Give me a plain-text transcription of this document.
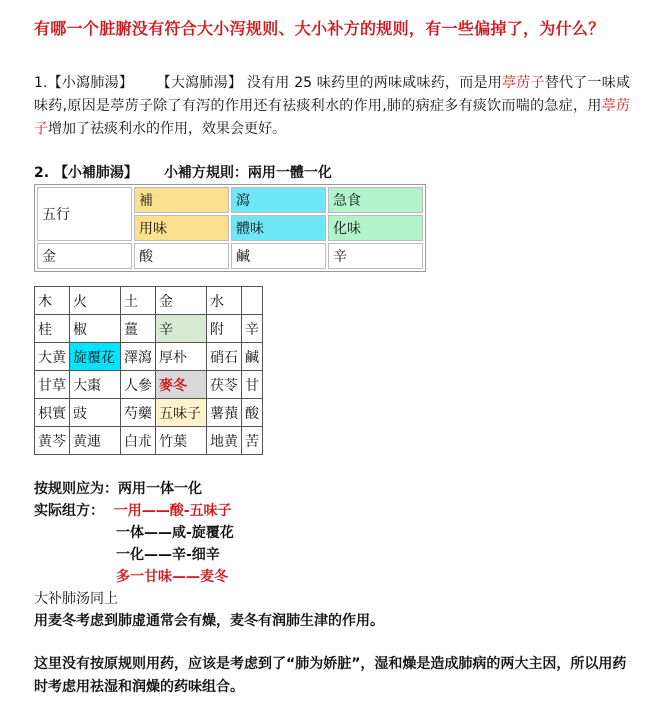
有哪一个脏腑没有符合大小泻规则、大小补方的规则，有一些偏掉了，为什么？
1.【小瀉肺湯】 【大瀉肺湯】 没有用 25 味药里的两味咸味药，而是用葶苈子替代了一味咸味药,原因是葶苈子除了有泻的作用还有祛痰利水的作用,肺的病症多有痰饮而喘的急症，用葶苈子增加了祛痰利水的作用，效果会更好。
2. 【小補肺湯】 小補方規則：兩用一體一化
五行	補	瀉	急食
	用味	體味	化味
金	酸	鹹	辛
木	火	土	金	水	
桂	椒	薑	辛	附	辛
大黄	旋覆花	澤瀉	厚朴	硝石	鹹
甘草	大棗	人參	麥冬	茯苓	甘
枳實	豉	芍藥	五味子	薯蕷	酸
黄芩	黄連	白朮	竹葉	地黄	苦
按规则应为：两用一体一化
实际组方： 一用——酸-五味子
一体——咸-旋覆花
一化——辛-细辛
多一甘味——麦冬
大补肺汤同上
用麦冬考虑到肺虚通常会有燥，麦冬有润肺生津的作用。
这里没有按原规则用药，应该是考虑到了“肺为娇脏”，湿和燥是造成肺病的两大主因，所以用药时考虑用祛湿和润燥的药味组合。
